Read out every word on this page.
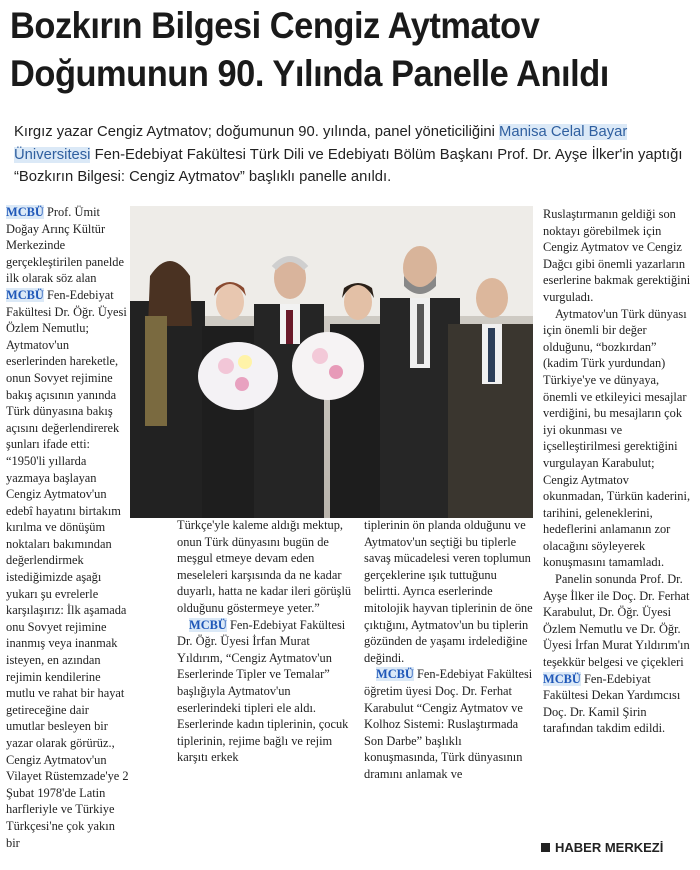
Bozkırın Bilgesi Cengiz Aytmatov
Doğumunun 90. Yılında Panelle Anıldı

Kırgız yazar Cengiz Aytmatov; doğumunun 90. yılında, panel yöneticiliğini Manisa Celal Bayar
Üniversitesi Fen-Edebiyat Fakültesi Türk Dili ve Edebiyatı Bölüm Başkanı Prof. Dr. Ayşe İlker'in yaptığı “Bozkırın Bilgesi: Cengiz Aytmatov” başlıklı panelle anıldı.

MCBÜ Prof. Ümit Doğay Arınç Kültür Merkezinde gerçekleştirilen panelde ilk olarak söz alan MCBÜ Fen-Edebiyat Fakültesi Dr. Öğr. Üyesi Özlem Nemutlu; Aytmatov'un eserlerinden hareketle, onun Sovyet rejimine bakış açısının yanında Türk dünyasına bakış açısını değerlendirerek şunları ifade etti: “1950'li yıllarda yazmaya başlayan Cengiz Aytmatov'un edebî hayatını birtakım kırılma ve dönüşüm noktaları bakımından değerlendirmek istediğimizde aşağı yukarı şu evrelerle karşılaşırız: İlk aşamada onu Sovyet rejimine inanmış veya inanmak isteyen, en azından rejimin kendilerine mutlu ve rahat bir hayat getireceğine dair umutlar besleyen bir yazar olarak görürüz., Cengiz Aytmatov'un Vilayet Rüstemzade'ye 2 Şubat 1978'de Latin harfleriyle ve Türkiye Türkçesi'ne çok yakın bir

Türkçe'yle kaleme aldığı mektup, onun Türk dünyasını bugün de meşgul etmeye devam eden meseleleri karşısında da ne kadar duyarlı, hatta ne kadar ileri görüşlü olduğunu göstermeye yeter.”

MCBÜ Fen-Edebiyat Fakültesi Dr. Öğr. Üyesi İrfan Murat Yıldırım, “Cengiz Aytmatov'un Eserlerinde Tipler ve Temalar” başlığıyla Aytmatov'un eserlerindeki tipleri ele aldı. Eserlerinde kadın tiplerinin, çocuk tiplerinin, rejime bağlı ve rejim karşıtı erkek

tiplerinin ön planda olduğunu ve Aytmatov'un seçtiği bu tiplerle savaş mücadelesi veren toplumun gerçeklerine ışık tuttuğunu belirtti. Ayrıca eserlerinde mitolojik hayvan tiplerinin de öne çıktığını, Aytmatov'un bu tiplerin gözünden de yaşamı irdelediğine değindi.

MCBÜ Fen-Edebiyat Fakültesi öğretim üyesi Doç. Dr. Ferhat Karabulut “Cengiz Aytmatov ve Kolhoz Sistemi: Ruslaştırmada Son Darbe” başlıklı konuşmasında, Türk dünyasının dramını anlamak ve

Ruslaştırmanın geldiği son noktayı görebilmek için Cengiz Aytmatov ve Cengiz Dağcı gibi önemli yazarların eserlerine bakmak gerektiğini vurguladı.

Aytmatov'un Türk dünyası için önemli bir değer olduğunu, “bozkırdan” (kadim Türk yurdundan) Türkiye'ye ve dünyaya, önemli ve etkileyici mesajlar verdiğini, bu mesajların çok iyi okunması ve içselleştirilmesi gerektiğini vurgulayan Karabulut; Cengiz Aytmatov okunmadan, Türkün kaderini, tarihini, geleneklerini, hedeflerini anlamanın zor olacağını söyleyerek konuşmasını tamamladı.

Panelin sonunda Prof. Dr. Ayşe İlker ile Doç. Dr. Ferhat Karabulut, Dr. Öğr. Üyesi Özlem Nemutlu ve Dr. Öğr. Üyesi İrfan Murat Yıldırım'ın teşekkür belgesi ve çiçekleri MCBÜ Fen-Edebiyat Fakültesi Dekan Yardımcısı Doç. Dr. Kamil Şirin tarafından takdim edildi.

HABER MERKEZİ
